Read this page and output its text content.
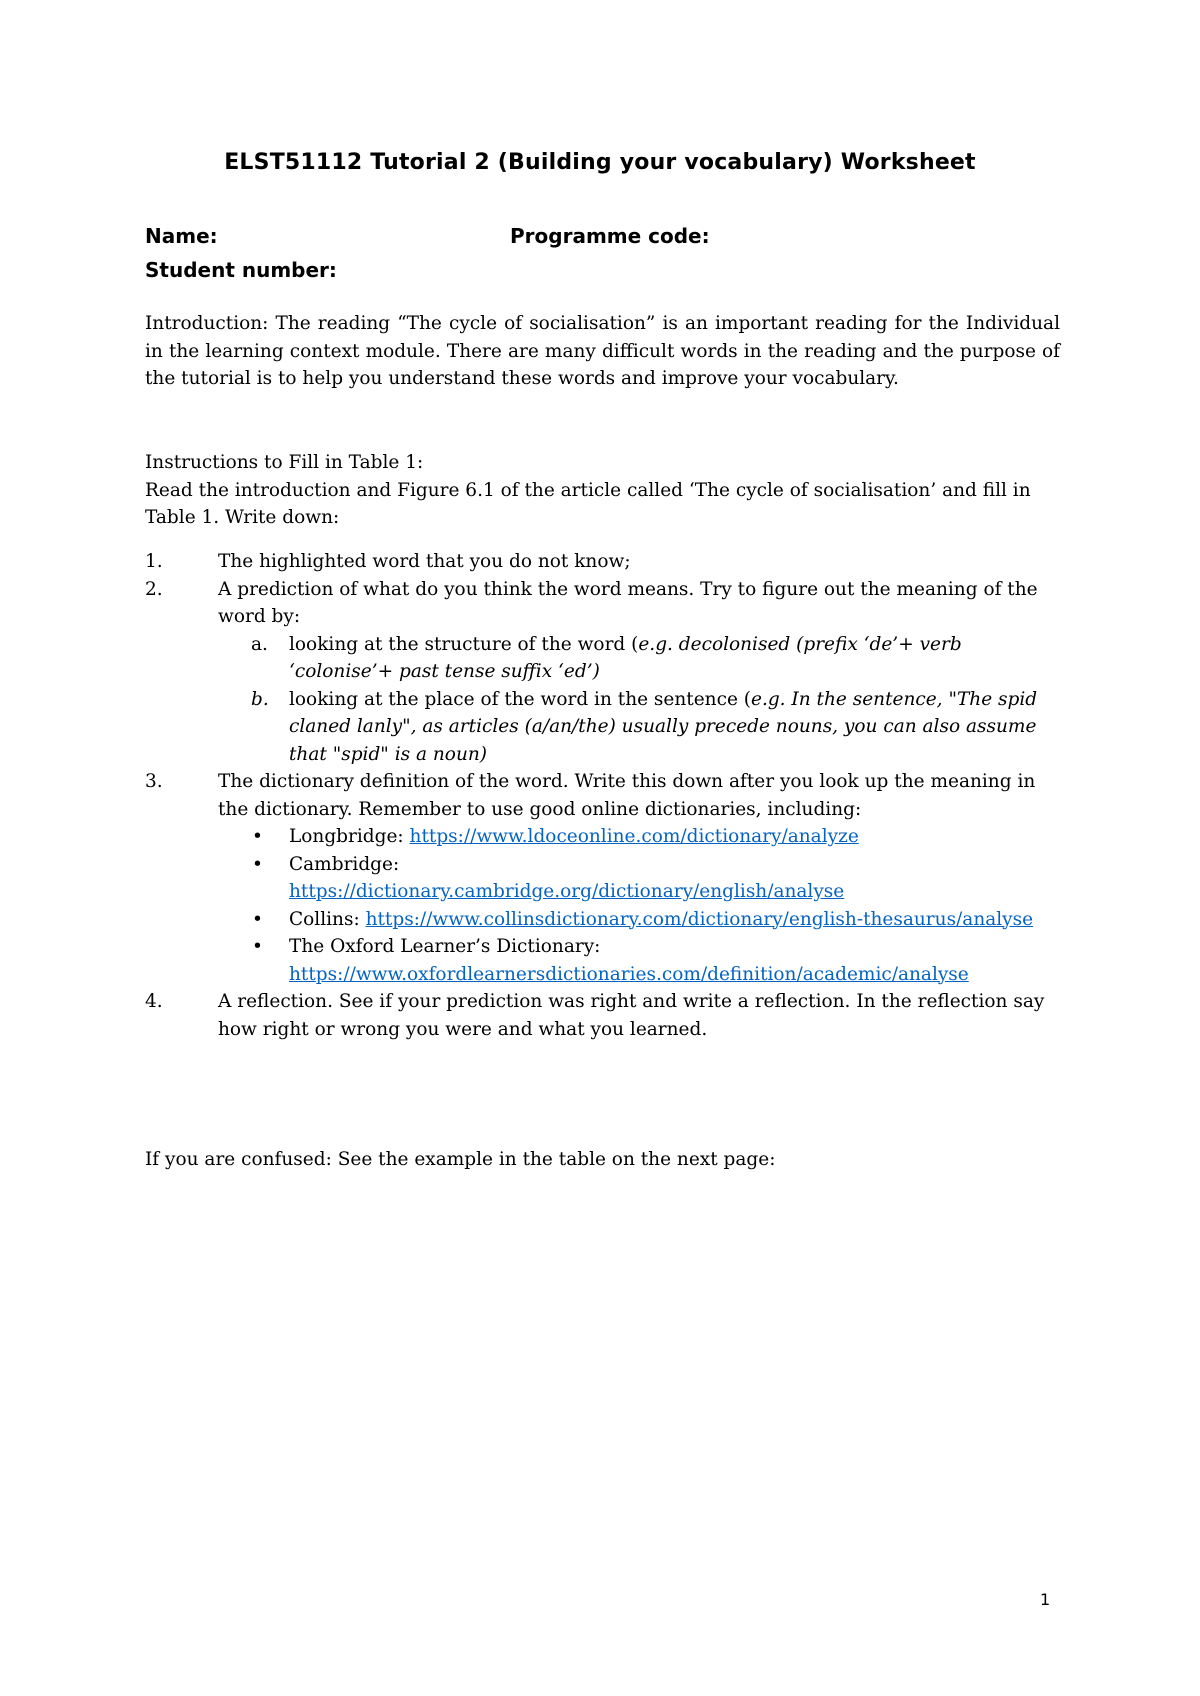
ELST51112 Tutorial 2 (Building your vocabulary) Worksheet
Name:	Programme code:
Student number:
Introduction: The reading “The cycle of socialisation” is an important reading for the Individual in the learning context module. There are many difficult words in the reading and the purpose of the tutorial is to help you understand these words and improve your vocabulary.
Instructions to Fill in Table 1:
Read the introduction and Figure 6.1 of the article called ‘The cycle of socialisation’ and fill in Table 1. Write down:
1.	The highlighted word that you do not know;
2.	A prediction of what do you think the word means. Try to figure out the meaning of the word by:
a. looking at the structure of the word (e.g. decolonised (prefix ‘de’+ verb ‘colonise’+ past tense suffix ‘ed’)
b. looking at the place of the word in the sentence (e.g. In the sentence, "The spid claned lanly", as articles (a/an/the) usually precede nouns, you can also assume that "spid" is a noun)
3.	The dictionary definition of the word. Write this down after you look up the meaning in the dictionary. Remember to use good online dictionaries, including:
• Longbridge: https://www.ldoceonline.com/dictionary/analyze
• Cambridge:
https://dictionary.cambridge.org/dictionary/english/analyse
• Collins: https://www.collinsdictionary.com/dictionary/english-thesaurus/analyse
• The Oxford Learner’s Dictionary:
https://www.oxfordlearnersdictionaries.com/definition/academic/analyse
4.	A reflection. See if your prediction was right and write a reflection. In the reflection say how right or wrong you were and what you learned.
If you are confused: See the example in the table on the next page:
1
